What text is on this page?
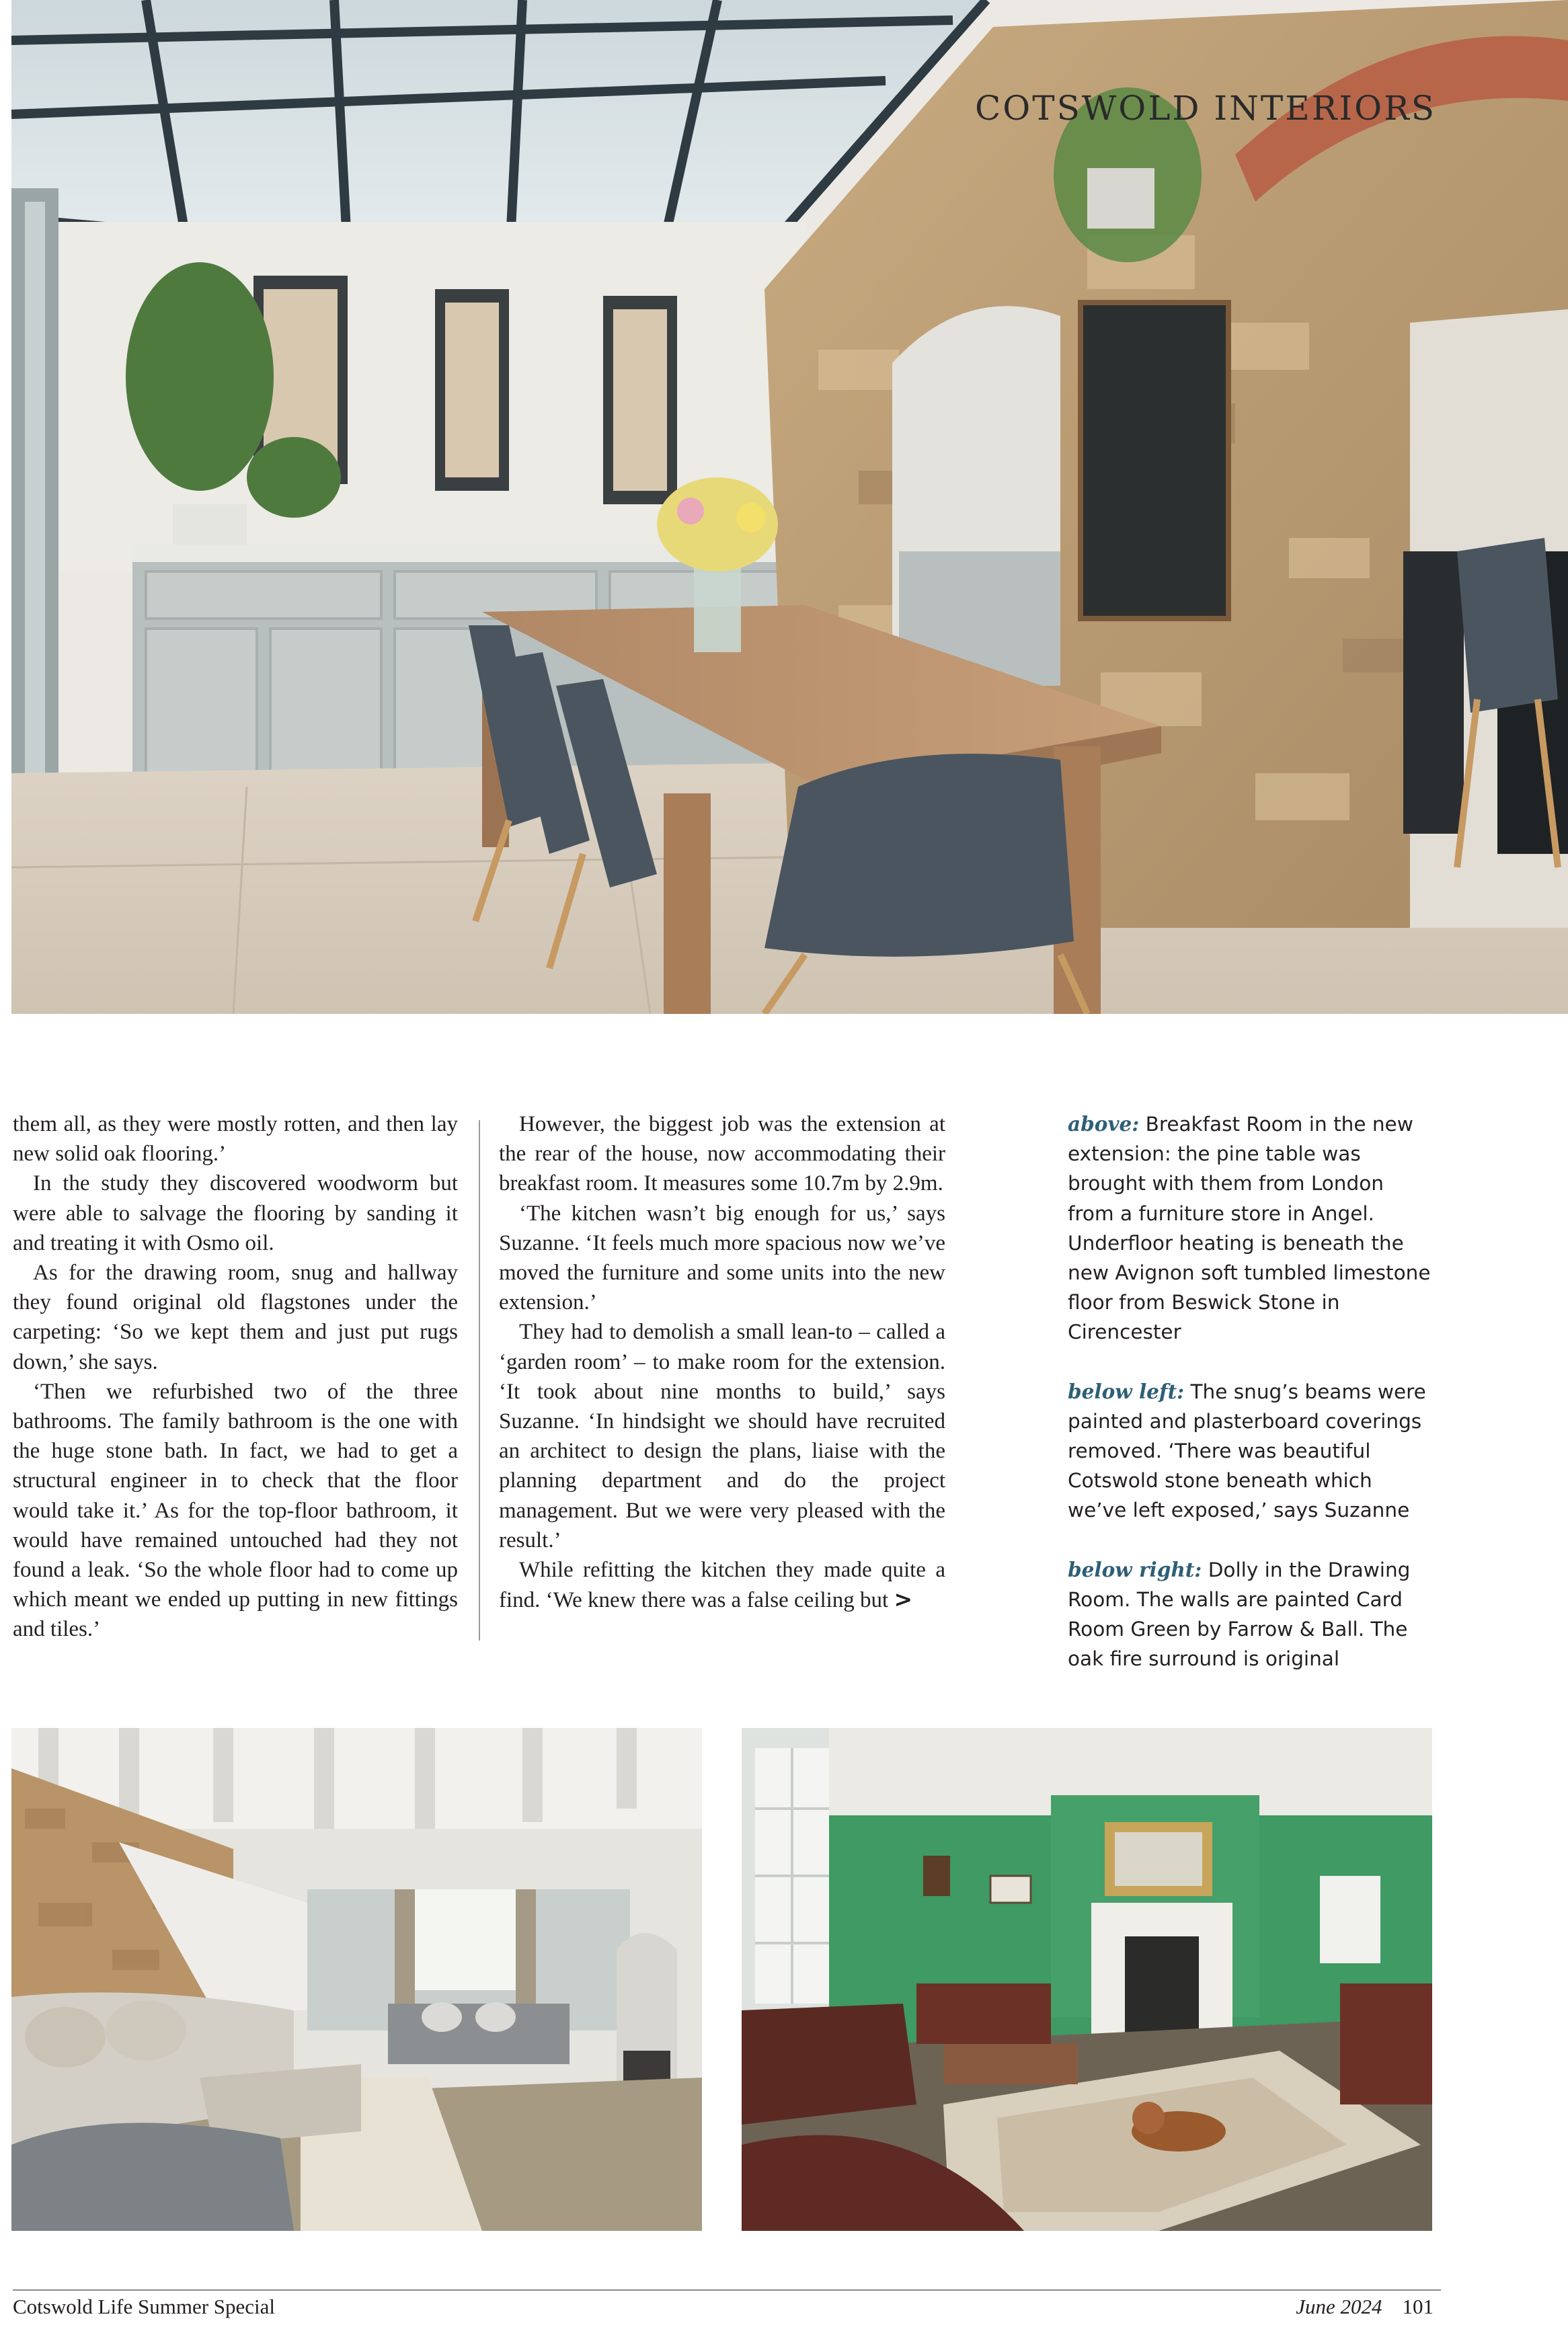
COTSWOLD INTERIORS

them all, as they were mostly rotten, and then lay new solid oak flooring.’

In the study they discovered woodworm but were able to salvage the flooring by sanding it and treating it with Osmo oil.

As for the drawing room, snug and hallway they found original old flagstones under the carpeting: ‘So we kept them and just put rugs down,’ she says.

‘Then we refurbished two of the three bathrooms. The family bathroom is the one with the huge stone bath. In fact, we had to get a structural engineer in to check that the floor would take it.’ As for the top-floor bathroom, it would have remained untouched had they not found a leak. ‘So the whole floor had to come up which meant we ended up putting in new fittings and tiles.’

However, the biggest job was the extension at the rear of the house, now accommodating their breakfast room. It measures some 10.7m by 2.9m.

‘The kitchen wasn’t big enough for us,’ says Suzanne. ‘It feels much more spacious now we’ve moved the furniture and some units into the new extension.’

They had to demolish a small lean-to – called a ‘garden room’ – to make room for the extension. ‘It took about nine months to build,’ says Suzanne. ‘In hindsight we should have recruited an architect to design the plans, liaise with the planning department and do the project management. But we were very pleased with the result.’

While refitting the kitchen they made quite a find. ‘We knew there was a false ceiling but >

above: Breakfast Room in the new extension: the pine table was brought with them from London from a furniture store in Angel. Underfloor heating is beneath the new Avignon soft tumbled limestone floor from Beswick Stone in Cirencester

below left: The snug’s beams were painted and plasterboard coverings removed. ‘There was beautiful Cotswold stone beneath which we’ve left exposed,’ says Suzanne

below right: Dolly in the Drawing Room. The walls are painted Card Room Green by Farrow & Ball. The oak fire surround is original

Cotswold Life Summer Special	June 2024 101
